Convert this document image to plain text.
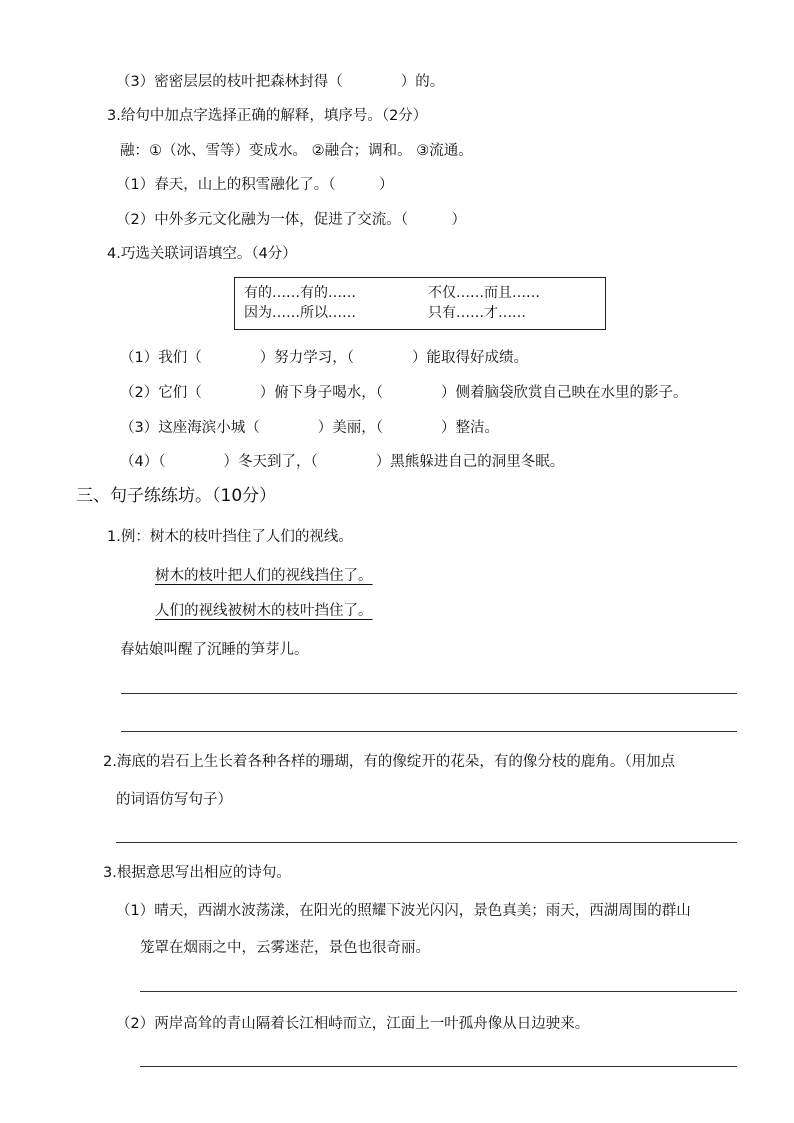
（3）密密层层的枝叶把森林封得（　　　　）的。
3.给句中加点字选择正确的解释，填序号。（2分）
融：①（冰、雪等）变成水。 ②融合；调和。 ③流通。
（1）春天，山上的积雪融化了。（　　　）
（2）中外多元文化融为一体，促进了交流。（　　　）
4.巧选关联词语填空。（4分）
有的……有的……	不仅……而且……
因为……所以……	只有……才……
（1）我们（　　　　）努力学习，（　　　　）能取得好成绩。
（2）它们（　　　　）俯下身子喝水，（　　　　）侧着脑袋欣赏自己映在水里的影子。
（3）这座海滨小城（　　　　）美丽，（　　　　）整洁。
（4）（　　　　）冬天到了，（　　　　）黑熊躲进自己的洞里冬眠。
三、句子练练坊。（10分）
1.例：树木的枝叶挡住了人们的视线。
树木的枝叶把人们的视线挡住了。
人们的视线被树木的枝叶挡住了。
春姑娘叫醒了沉睡的笋芽儿。
2.海底的岩石上生长着各种各样的珊瑚，有的像绽开的花朵，有的像分枝的鹿角。（用加点
的词语仿写句子）
3.根据意思写出相应的诗句。
（1）晴天，西湖水波荡漾，在阳光的照耀下波光闪闪，景色真美；雨天，西湖周围的群山
笼罩在烟雨之中，云雾迷茫，景色也很奇丽。
（2）两岸高耸的青山隔着长江相峙而立，江面上一叶孤舟像从日边驶来。
